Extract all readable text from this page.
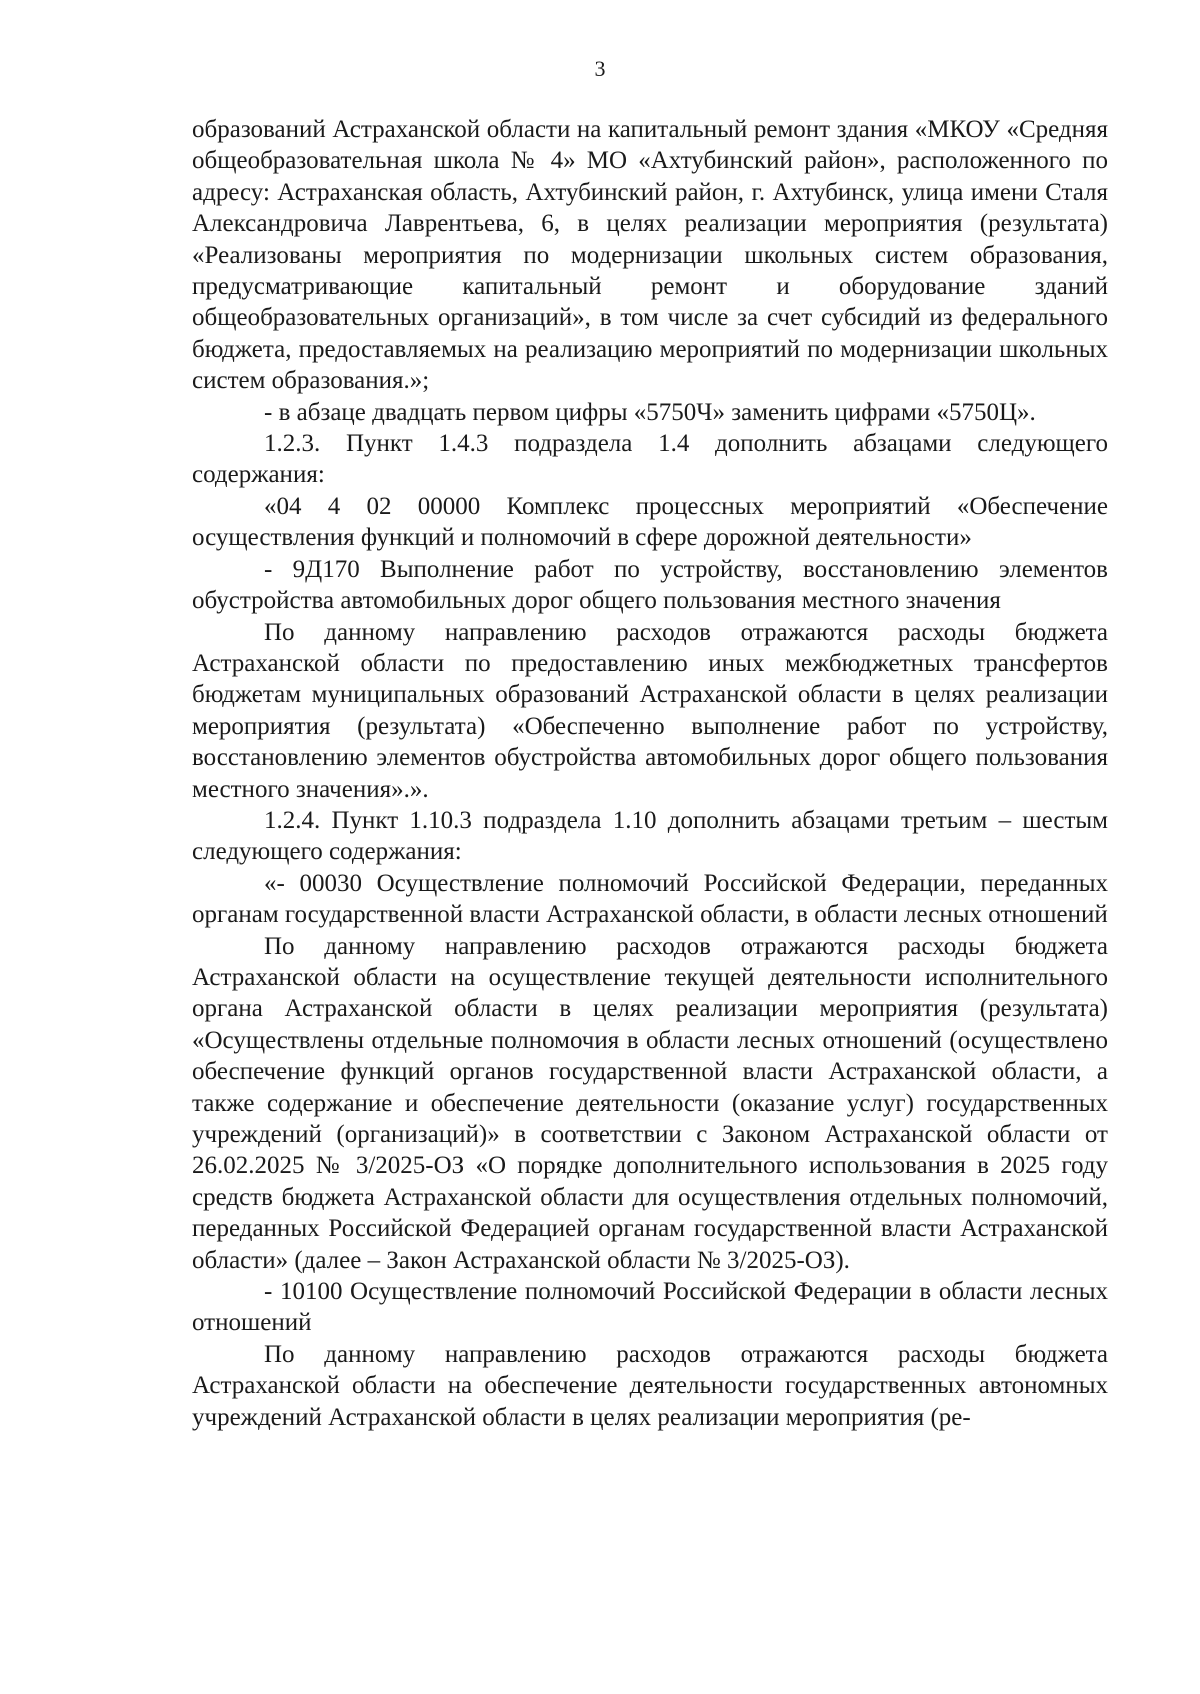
3

образований Астраханской области на капитальный ремонт здания «МКОУ «Средняя общеобразовательная школа № 4» МО «Ахтубинский район», расположенного по адресу: Астраханская область, Ахтубинский район, г. Ахтубинск, улица имени Сталя Александровича Лаврентьева, 6, в целях реализации мероприятия (результата) «Реализованы мероприятия по модернизации школьных систем образования, предусматривающие капитальный ремонт и оборудование зданий общеобразовательных организаций», в том числе за счет субсидий из федерального бюджета, предоставляемых на реализацию мероприятий по модернизации школьных систем образования.»;

- в абзаце двадцать первом цифры «5750Ч» заменить цифрами «5750Ц».

1.2.3. Пункт 1.4.3 подраздела 1.4 дополнить абзацами следующего содержания:

«04 4 02 00000 Комплекс процессных мероприятий «Обеспечение осуществления функций и полномочий в сфере дорожной деятельности»

- 9Д170 Выполнение работ по устройству, восстановлению элементов обустройства автомобильных дорог общего пользования местного значения

По данному направлению расходов отражаются расходы бюджета Астраханской области по предоставлению иных межбюджетных трансфертов бюджетам муниципальных образований Астраханской области в целях реализации мероприятия (результата) «Обеспеченно выполнение работ по устройству, восстановлению элементов обустройства автомобильных дорог общего пользования местного значения».».

1.2.4. Пункт 1.10.3 подраздела 1.10 дополнить абзацами третьим – шестым следующего содержания:

«- 00030 Осуществление полномочий Российской Федерации, переданных органам государственной власти Астраханской области, в области лесных отношений

По данному направлению расходов отражаются расходы бюджета Астраханской области на осуществление текущей деятельности исполнительного органа Астраханской области в целях реализации мероприятия (результата) «Осуществлены отдельные полномочия в области лесных отношений (осуществлено обеспечение функций органов государственной власти Астраханской области, а также содержание и обеспечение деятельности (оказание услуг) государственных учреждений (организаций)» в соответствии с Законом Астраханской области от 26.02.2025 № 3/2025-ОЗ «О порядке дополнительного использования в 2025 году средств бюджета Астраханской области для осуществления отдельных полномочий, переданных Российской Федерацией органам государственной власти Астраханской области» (далее – Закон Астраханской области № 3/2025-ОЗ).

- 10100 Осуществление полномочий Российской Федерации в области лесных отношений

По данному направлению расходов отражаются расходы бюджета Астраханской области на обеспечение деятельности государственных автономных учреждений Астраханской области в целях реализации мероприятия (ре-
